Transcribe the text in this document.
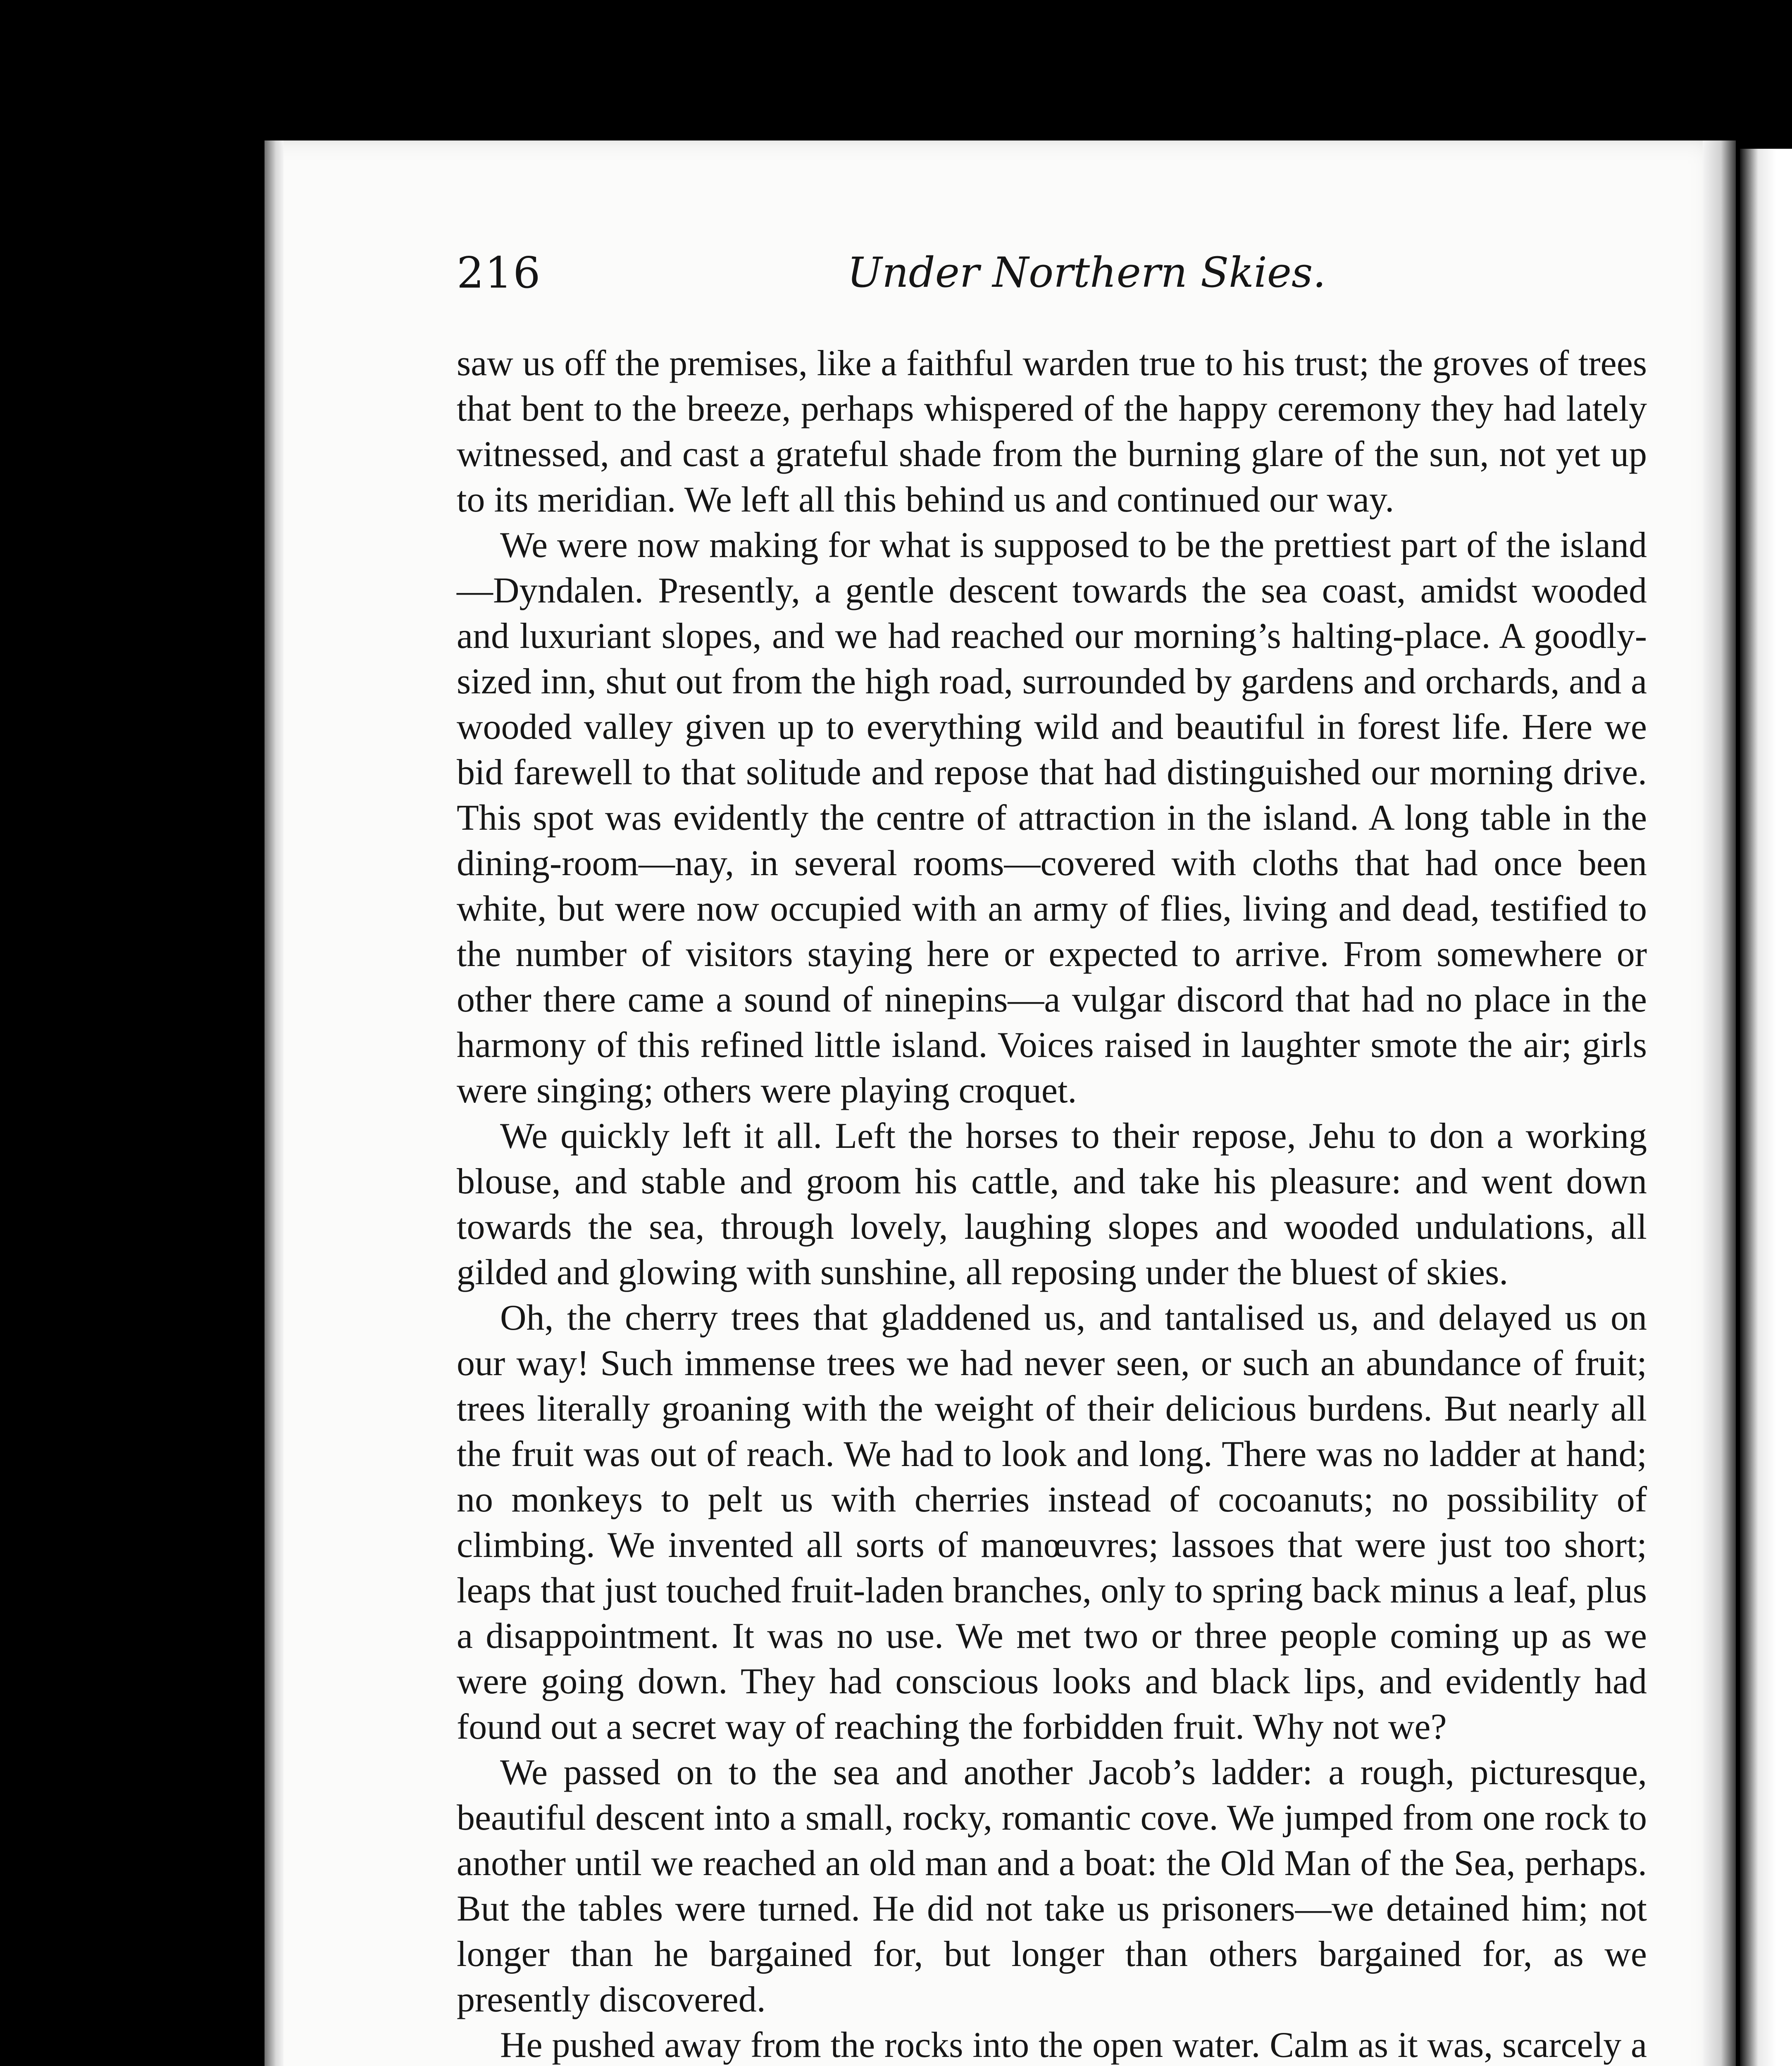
216	Under Northern Skies.

saw us off the premises, like a faithful warden true to his trust; the groves of trees that bent to the breeze, perhaps whispered of the happy ceremony they had lately witnessed, and cast a grateful shade from the burning glare of the sun, not yet up to its meridian. We left all this behind us and continued our way.

We were now making for what is supposed to be the prettiest part of the island—Dyndalen. Presently, a gentle descent towards the sea coast, amidst wooded and luxuriant slopes, and we had reached our morning’s halting-place. A goodly-sized inn, shut out from the high road, surrounded by gardens and orchards, and a wooded valley given up to everything wild and beautiful in forest life. Here we bid farewell to that solitude and repose that had distinguished our morning drive. This spot was evidently the centre of attraction in the island. A long table in the dining-room—nay, in several rooms—covered with cloths that had once been white, but were now occupied with an army of flies, living and dead, testified to the number of visitors staying here or expected to arrive. From somewhere or other there came a sound of ninepins—a vulgar discord that had no place in the harmony of this refined little island. Voices raised in laughter smote the air; girls were singing; others were playing croquet.

We quickly left it all. Left the horses to their repose, Jehu to don a working blouse, and stable and groom his cattle, and take his pleasure: and went down towards the sea, through lovely, laughing slopes and wooded undulations, all gilded and glowing with sunshine, all reposing under the bluest of skies.

Oh, the cherry trees that gladdened us, and tantalised us, and delayed us on our way! Such immense trees we had never seen, or such an abundance of fruit; trees literally groaning with the weight of their delicious burdens. But nearly all the fruit was out of reach. We had to look and long. There was no ladder at hand; no monkeys to pelt us with cherries instead of cocoanuts; no possibility of climbing. We invented all sorts of manœuvres; lassoes that were just too short; leaps that just touched fruit-laden branches, only to spring back minus a leaf, plus a disappointment. It was no use. We met two or three people coming up as we were going down. They had conscious looks and black lips, and evidently had found out a secret way of reaching the forbidden fruit. Why not we?

We passed on to the sea and another Jacob’s ladder: a rough, picturesque, beautiful descent into a small, rocky, romantic cove. We jumped from one rock to another until we reached an old man and a boat: the Old Man of the Sea, perhaps. But the tables were turned. He did not take us prisoners—we detained him; not longer than he bargained for, but longer than others bargained for, as we presently discovered.

He pushed away from the rocks into the open water. Calm as it was, scarcely a
